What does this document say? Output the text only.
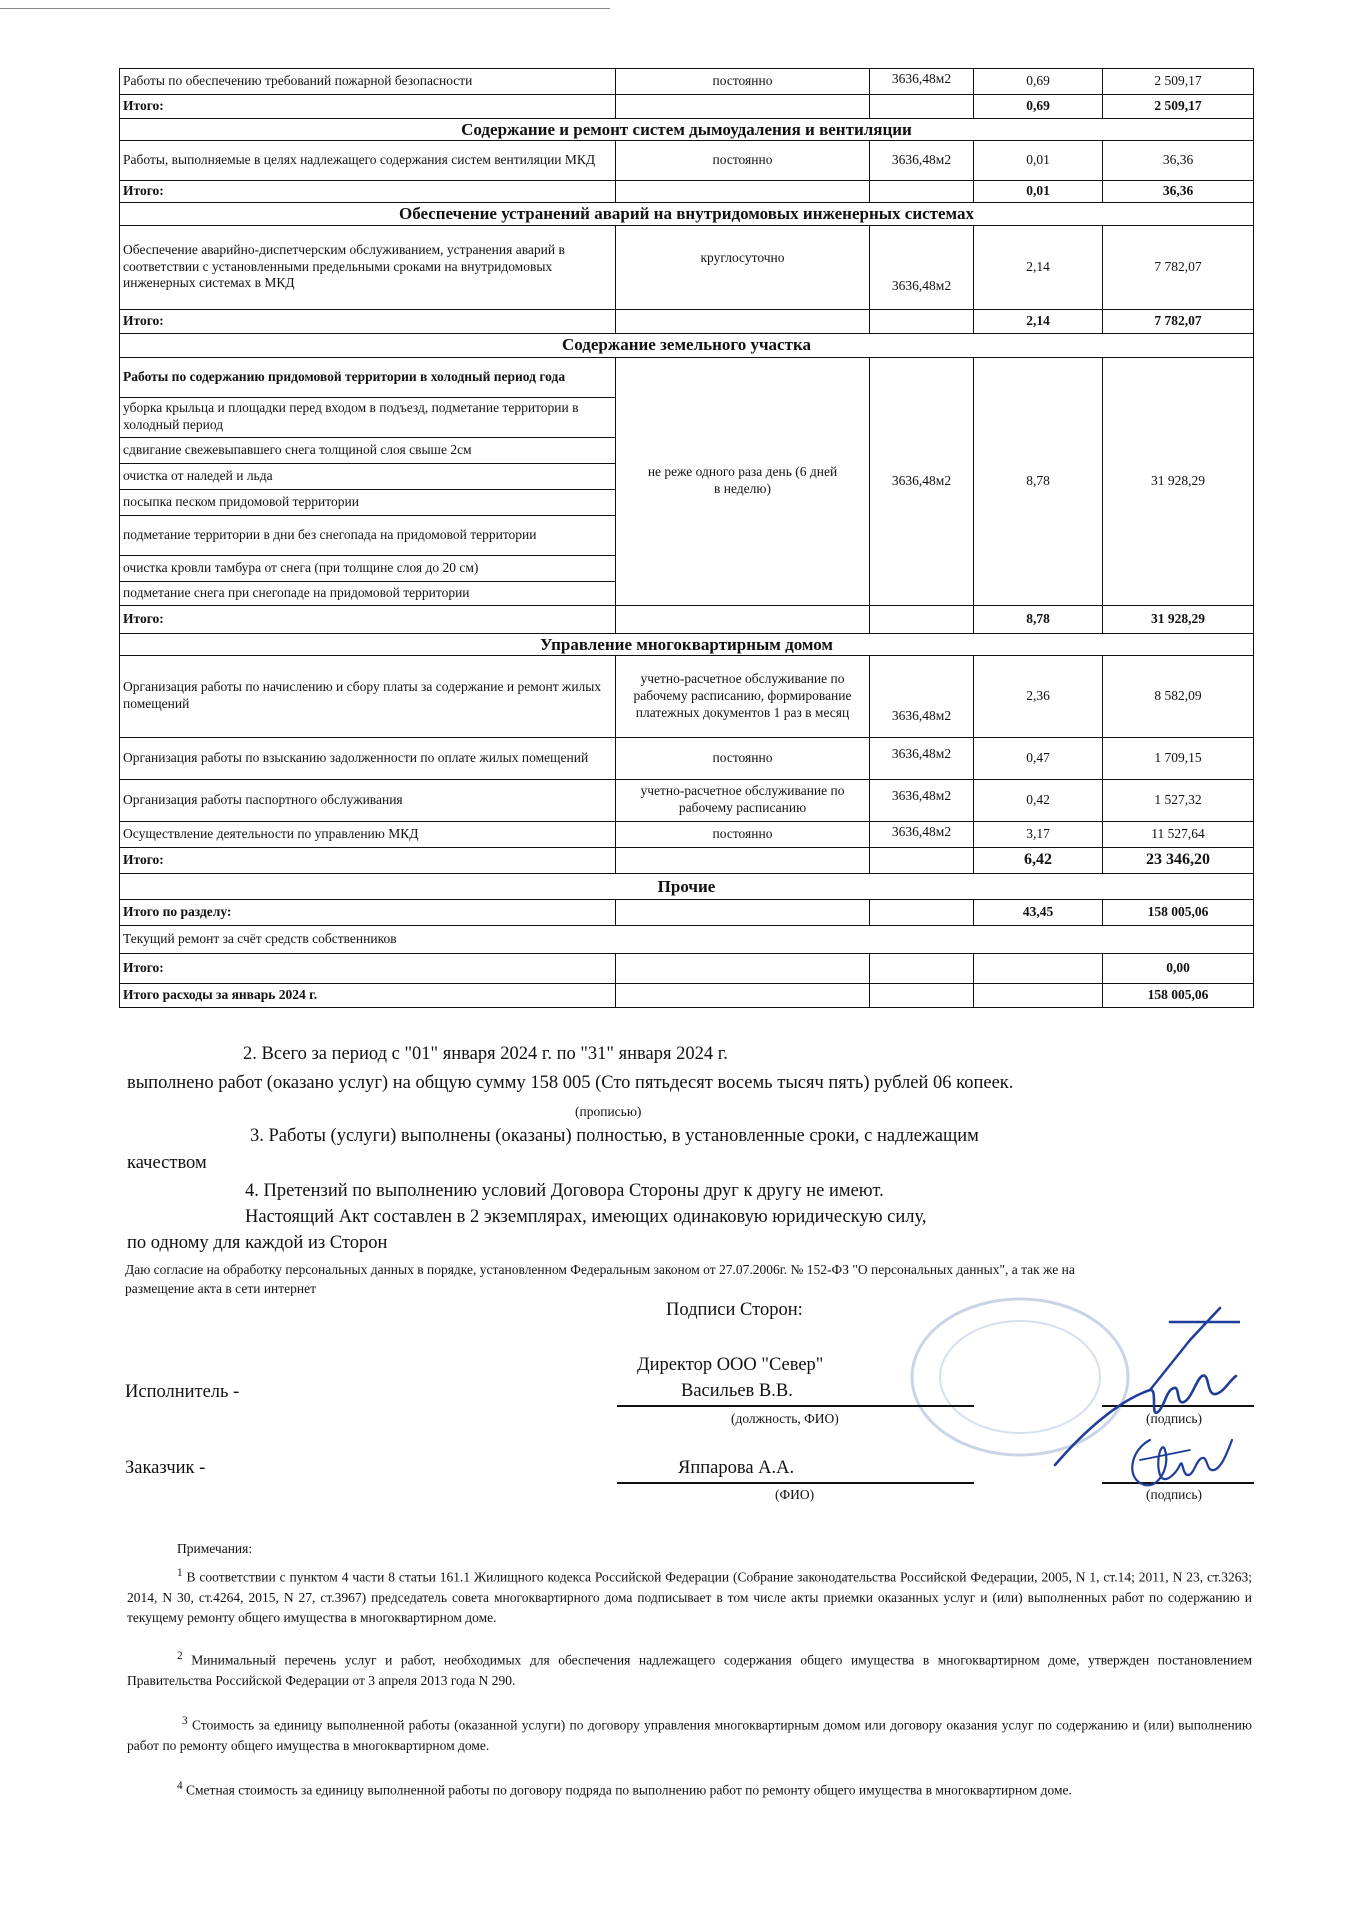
Работы по обеспечению требований пожарной безопасности	постоянно	3636,48м2	0,69	2 509,17
Итого:			0,69	2 509,17
Содержание и ремонт систем дымоудаления и вентиляции				
Работы, выполняемые в целях надлежащего содержания систем вентиляции МКД	постоянно	3636,48м2	0,01	36,36
Итого:			0,01	36,36
Обеспечение устранений аварий на внутридомовых инженерных системах				
Обеспечение аварийно-диспетчерским обслуживанием, устранения аварий в соответствии с установленными предельными сроками на внутридомовых инженерных системах в МКД	круглосуточно	3636,48м2	2,14	7 782,07
Итого:			2,14	7 782,07
Содержание земельного участка				
Работы по содержанию придомовой территории в холодный период года	не реже одного раза день (6 дней в неделю)	3636,48м2	8,78	31 928,29
уборка крыльца и площадки перед входом в подъезд, подметание территории в холодный период				
сдвигание свежевыпавшего снега толщиной слоя свыше 2см				
очистка от наледей и льда				
посыпка песком придомовой территории				
подметание территории в дни без снегопада на придомовой территории				
очистка кровли тамбура от снега (при толщине слоя до 20 см)				
подметание снега при снегопаде на придомовой территории				
Итого:			8,78	31 928,29
Управление многоквартирным домом				
Организация работы по начислению и сбору платы за содержание и ремонт жилых помещений	учетно-расчетное обслуживание по рабочему расписанию, формирование платежных документов 1 раз в месяц	3636,48м2	2,36	8 582,09
Организация работы по взысканию задолженности по оплате жилых помещений	постоянно	3636,48м2	0,47	1 709,15
Организация работы паспортного обслуживания	учетно-расчетное обслуживание по рабочему расписанию	3636,48м2	0,42	1 527,32
Осуществление деятельности по управлению МКД	постоянно	3636,48м2	3,17	11 527,64
Итого:			6,42	23 346,20
Прочие				
Итого по разделу:			43,45	158 005,06
Текущий ремонт за счёт средств собственников				
Итого:				0,00
Итого расходы за январь 2024 г.				158 005,06
2. Всего за период с "01" января 2024 г. по "31" января 2024 г.
выполнено работ (оказано услуг) на общую сумму 158 005 (Сто пятьдесят восемь тысяч пять) рублей 06 копеек.
(прописью)
3. Работы (услуги) выполнены (оказаны) полностью, в установленные сроки, с надлежащим
качеством
4. Претензий по выполнению условий Договора Стороны друг к другу не имеют.
Настоящий Акт составлен в 2 экземплярах, имеющих одинаковую юридическую силу,
по одному для каждой из Сторон
Даю согласие на обработку персональных данных в порядке, установленном Федеральным законом от 27.07.2006г. № 152-ФЗ "О персональных данных", а так же на
размещение акта в сети интернет
Подписи Сторон:
Директор ООО "Север"
Васильев В.В.
Исполнитель -
(должность, ФИО)	(подпись)
Заказчик -	Яппарова А.А.
(ФИО)	(подпись)
Примечания:
$^1$ В соответствии с пунктом 4 части 8 статьи 161.1 Жилищного кодекса Российской Федерации (Собрание законодательства Российской Федерации, 2005, N 1, ст.14; 2011, N 23, ст.3263; 2014, N 30, ст.4264, 2015, N 27, ст.3967) председатель совета многоквартирного дома подписывает в том числе акты приемки оказанных услуг и (или) выполненных работ по содержанию и текущему ремонту общего имущества в многоквартирном доме.
$^2$ Минимальный перечень услуг и работ, необходимых для обеспечения надлежащего содержания общего имущества в многоквартирном доме, утвержден постановлением Правительства Российской Федерации от 3 апреля 2013 года N 290.
$^3$ Стоимость за единицу выполненной работы (оказанной услуги) по договору управления многоквартирным домом или договору оказания услуг по содержанию и (или) выполнению работ по ремонту общего имущества в многоквартирном доме.
$^4$ Сметная стоимость за единицу выполненной работы по договору подряда по выполнению работ по ремонту общего имущества в многоквартирном доме.
